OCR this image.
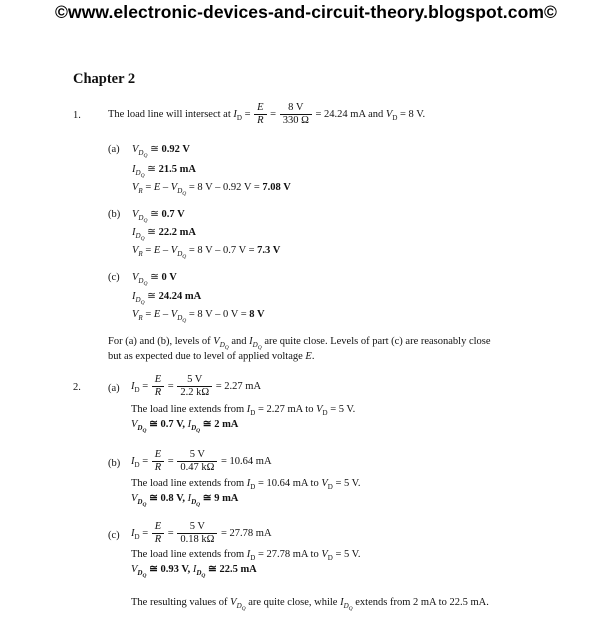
©www.electronic-devices-and-circuit-theory.blogspot.com©
Chapter 2
1.	The load line will intersect at $I_D = \frac{E}{R} = \frac{8 V}{330 \Omega} = 24.24$ mA and $V_D = 8$ V.
(a) $V_{D_Q}$ ≅ 0.92 V
$I_{D_Q}$ ≅ 21.5 mA
$V_R = E - V_{D_Q} = 8$ V – 0.92 V = 7.08 V
(b) $V_{D_Q}$ ≅ 0.7 V
$I_{D_Q}$ ≅ 22.2 mA
$V_R = E - V_{D_Q} = 8$ V – 0.7 V = 7.3 V
(c) $V_{D_Q}$ ≅ 0 V
$I_{D_Q}$ ≅ 24.24 mA
$V_R = E - V_{D_Q} = 8$ V – 0 V = 8 V
For (a) and (b), levels of $V_{D_Q}$ and $I_{D_Q}$ are quite close. Levels of part (c) are reasonably close
but as expected due to level of applied voltage E.
2.	(a) $I_D = \frac{E}{R} = \frac{5 V}{2.2 k\Omega} = 2.27$ mA
The load line extends from $I_D = 2.27$ mA to $V_D = 5$ V.
$V_{D_Q}$ ≅ 0.7 V, $I_{D_Q}$ ≅ 2 mA
(b) $I_D = \frac{E}{R} = \frac{5 V}{0.47 k\Omega} = 10.64$ mA
The load line extends from $I_D = 10.64$ mA to $V_D = 5$ V.
$V_{D_Q}$ ≅ 0.8 V, $I_{D_Q}$ ≅ 9 mA
(c) $I_D = \frac{E}{R} = \frac{5 V}{0.18 k\Omega} = 27.78$ mA
The load line extends from $I_D = 27.78$ mA to $V_D = 5$ V.
$V_{D_Q}$ ≅ 0.93 V, $I_{D_Q}$ ≅ 22.5 mA
The resulting values of $V_{D_Q}$ are quite close, while $I_{D_Q}$ extends from 2 mA to 22.5 mA.
